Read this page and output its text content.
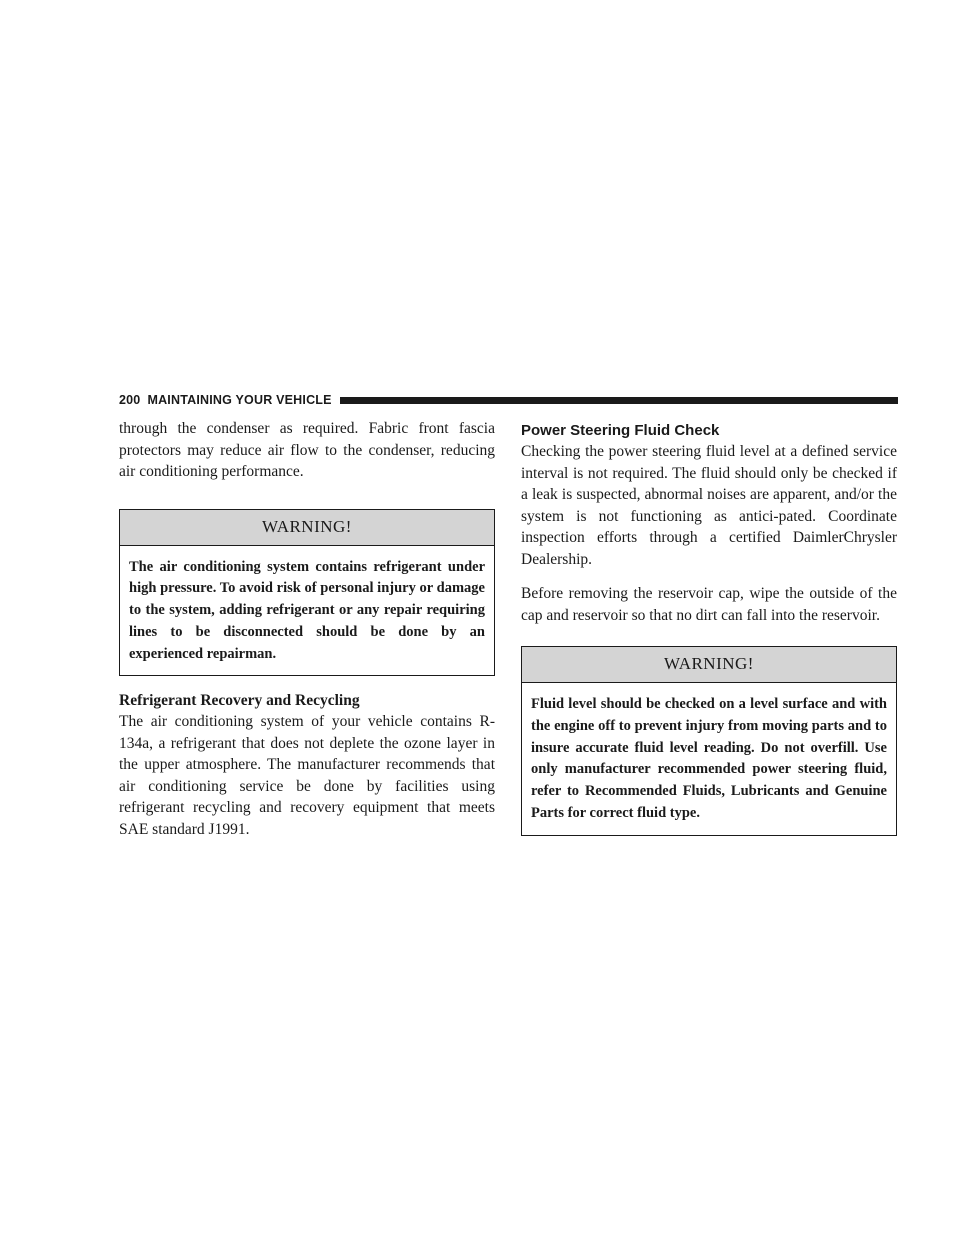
200 MAINTAINING YOUR VEHICLE

through the condenser as required. Fabric front fascia protectors may reduce air flow to the condenser, reducing air conditioning performance.

WARNING!
The air conditioning system contains refrigerant under high pressure. To avoid risk of personal injury or damage to the system, adding refrigerant or any repair requiring lines to be disconnected should be done by an experienced repairman.
Refrigerant Recovery and Recycling

The air conditioning system of your vehicle contains R-134a, a refrigerant that does not deplete the ozone layer in the upper atmosphere. The manufacturer recommends that air conditioning service be done by facilities using refrigerant recycling and recovery equipment that meets SAE standard J1991.

Power Steering Fluid Check

Checking the power steering fluid level at a defined service interval is not required. The fluid should only be checked if a leak is suspected, abnormal noises are apparent, and/or the system is not functioning as antici-pated. Coordinate inspection efforts through a certified DaimlerChrysler Dealership.

Before removing the reservoir cap, wipe the outside of the cap and reservoir so that no dirt can fall into the reservoir.

WARNING!
Fluid level should be checked on a level surface and with the engine off to prevent injury from moving parts and to insure accurate fluid level reading. Do not overfill. Use only manufacturer recommended power steering fluid, refer to Recommended Fluids, Lubricants and Genuine Parts for correct fluid type.
